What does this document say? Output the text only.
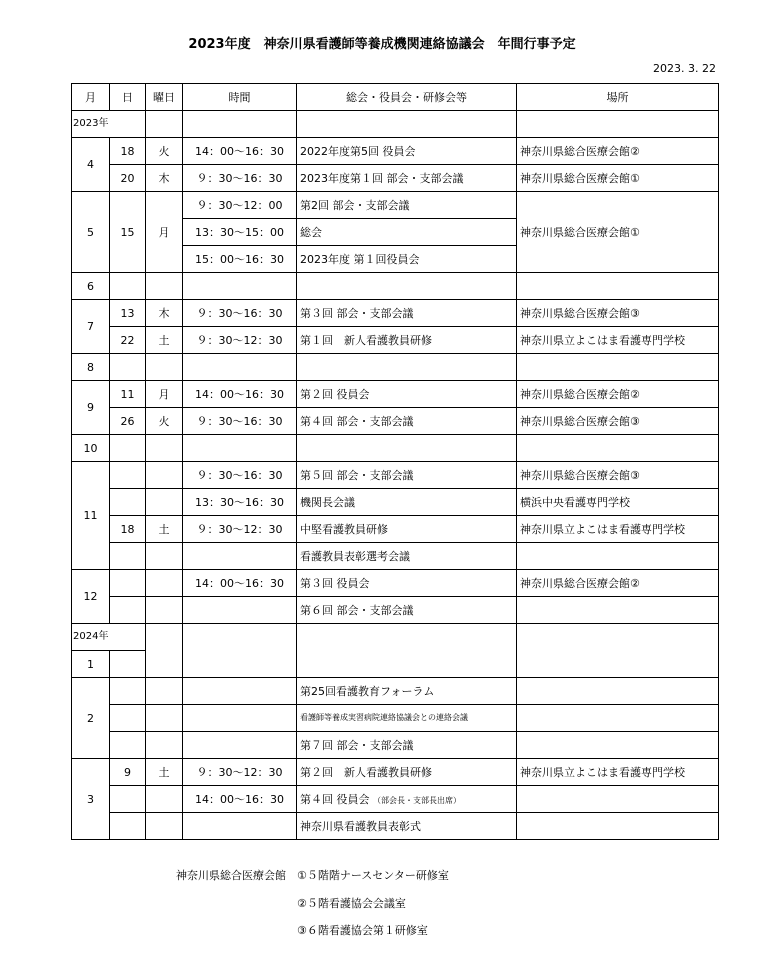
2023年度　神奈川県看護師等養成機関連絡協議会　年間行事予定
2023. 3. 22
月	日	曜日	時間	総会・役員会・研修会等	場所
2023年					
4	18	火	14：00〜16：30	2022年度第5回 役員会	神奈川県総合医療会館②
	20	木	９：30〜16：30	2023年度第１回 部会・支部会議	神奈川県総合医療会館①
5	15	月	９：30〜12：00	第2回 部会・支部会議	神奈川県総合医療会館①
			13：30〜15：00	総会	
			15：00〜16：30	2023年度 第１回役員会	
6					
7	13	木	９：30〜16：30	第３回 部会・支部会議	神奈川県総合医療会館③
	22	土	９：30〜12：30	第１回　新人看護教員研修	神奈川県立よこはま看護専門学校
8					
9	11	月	14：00〜16：30	第２回 役員会	神奈川県総合医療会館②
	26	火	９：30〜16：30	第４回 部会・支部会議	神奈川県総合医療会館③
10					
11			９：30〜16：30	第５回 部会・支部会議	神奈川県総合医療会館③
			13：30〜16：30	機関長会議	横浜中央看護専門学校
	18	土	９：30〜12：30	中堅看護教員研修	神奈川県立よこはま看護専門学校
				看護教員表彰選考会議	
12			14：00〜16：30	第３回 役員会	神奈川県総合医療会館②
				第６回 部会・支部会議	
2024年					
1					
2				第25回看護教育フォーラム	
				看護師等養成実習病院連絡協議会との連絡会議	
				第７回 部会・支部会議	
3	9	土	９：30〜12：30	第２回　新人看護教員研修	神奈川県立よこはま看護専門学校
			14：00〜16：30	第４回 役員会 （部会長・支部長出席）	
				神奈川県看護教員表彰式	
神奈川県総合医療会館 ①５階階ナースセンター研修室
②５階看護協会会議室
③６階看護協会第１研修室
